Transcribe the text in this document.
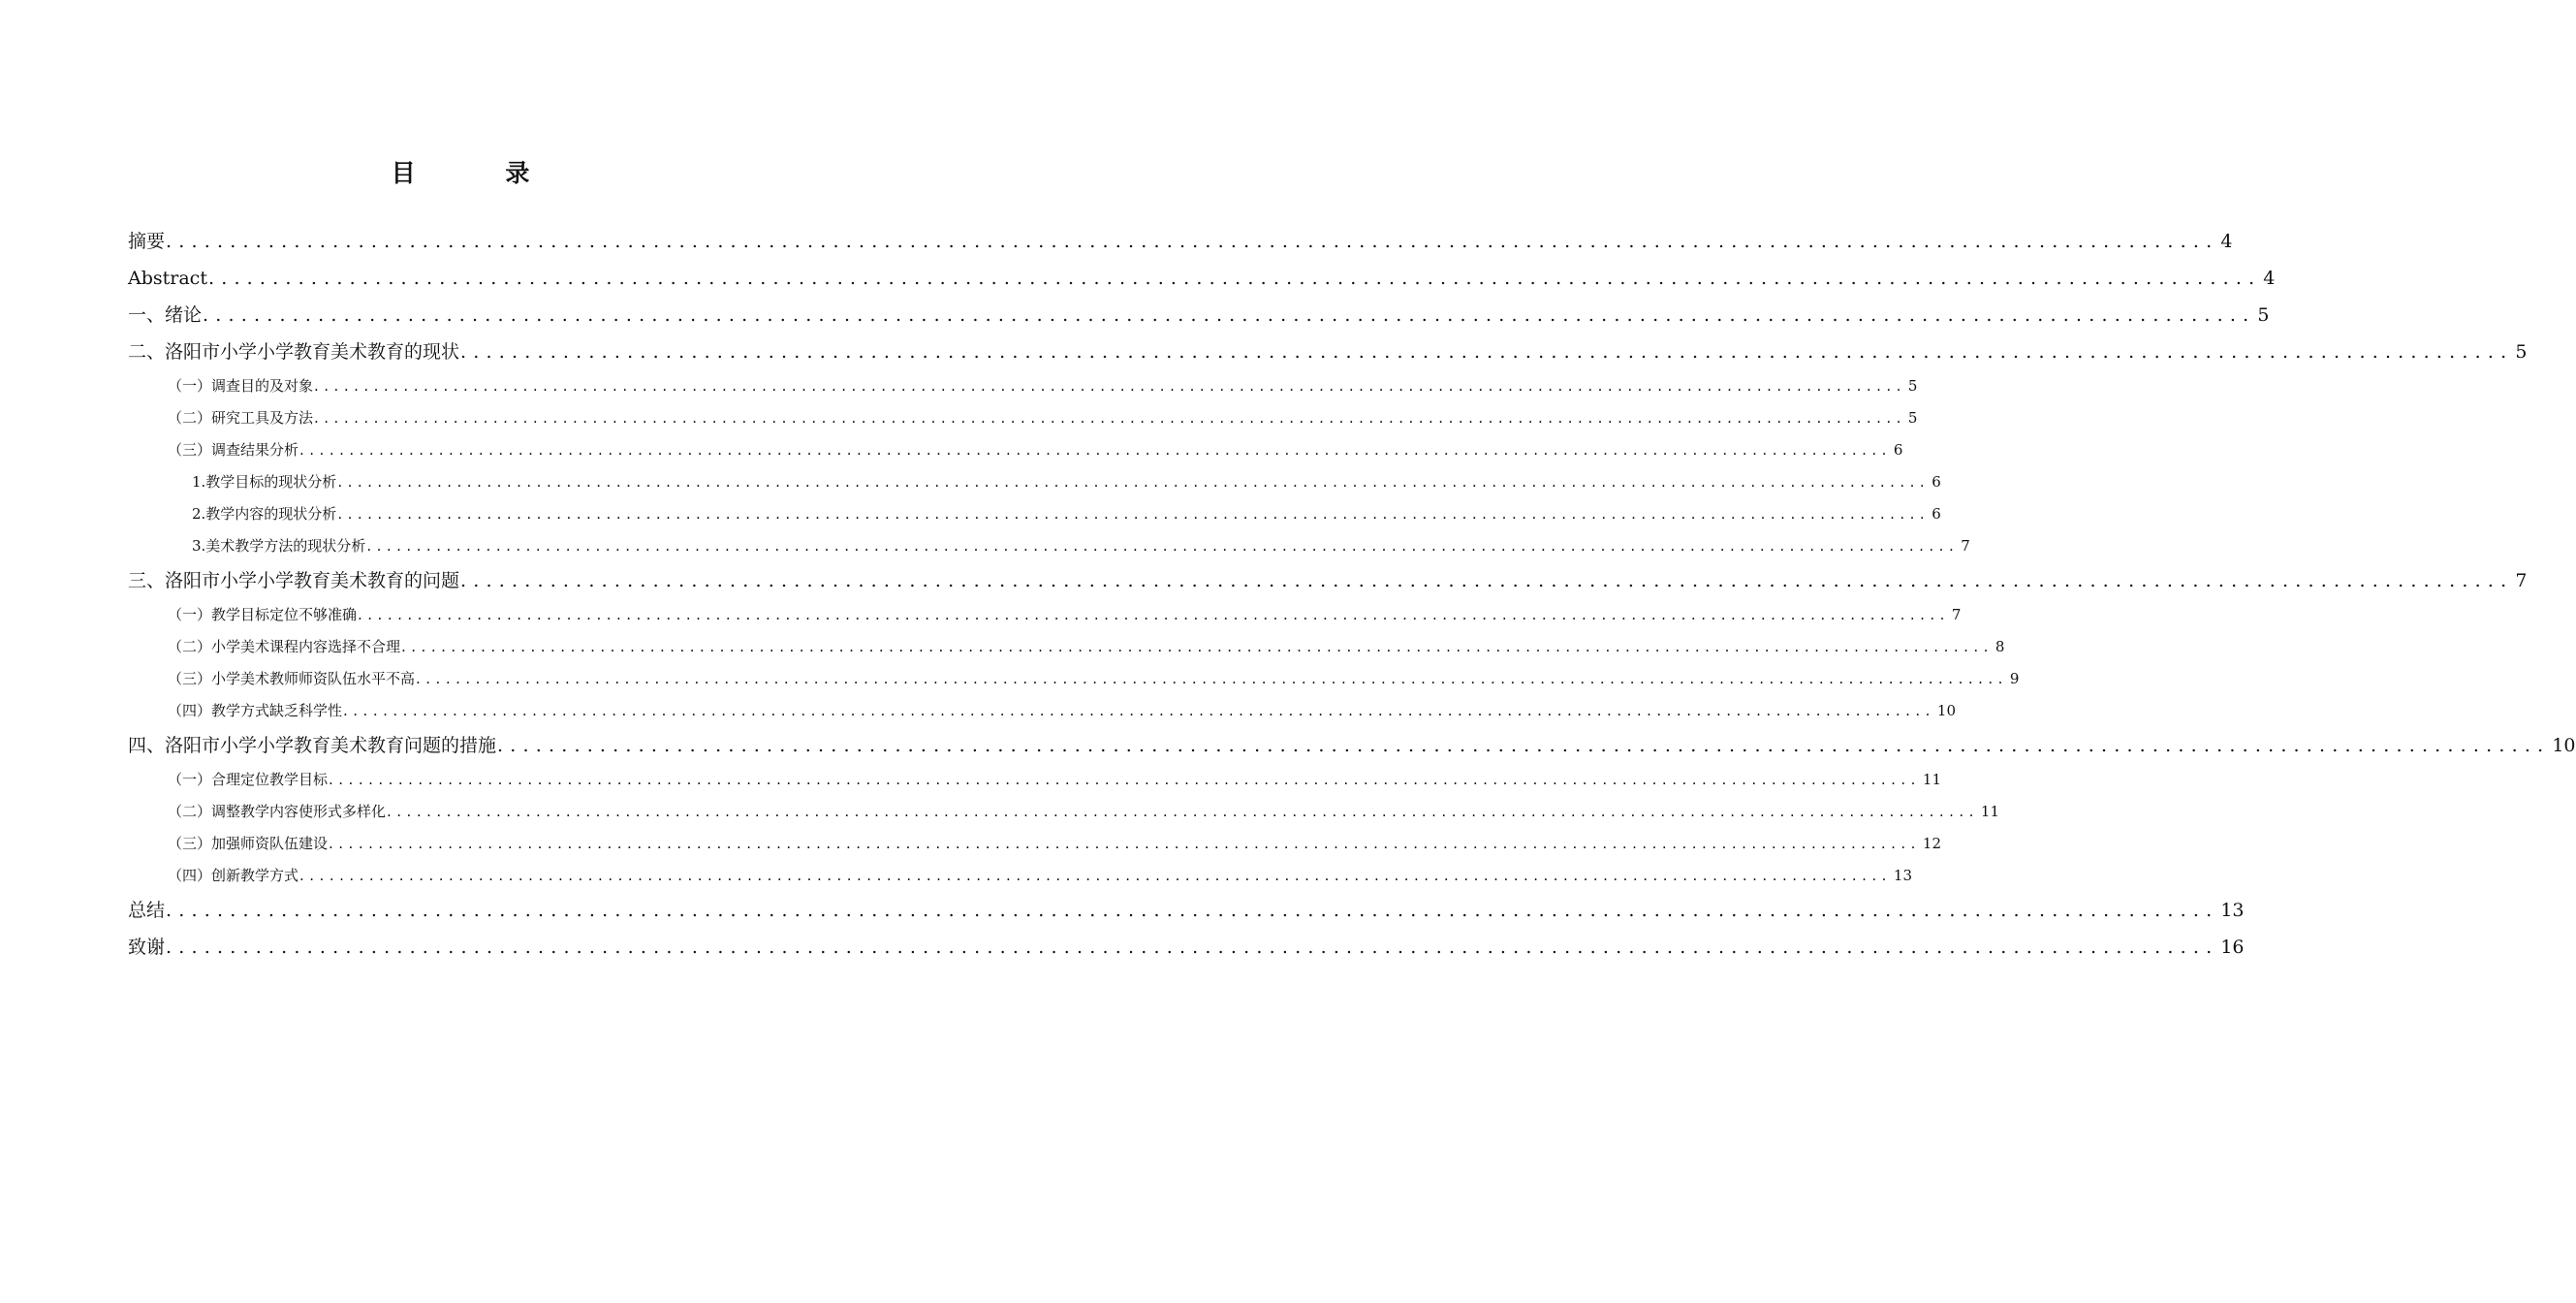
目 录
摘要 ................................................................................................................................................................ 4
Abstract ................................................................................................................................................................ 4
一、绪论 ................................................................................................................................................................ 5
二、洛阳市小学小学教育美术教育的现状 ................................................................................................................................................................ 5
（一）调查目的及对象 ................................................................................................................................................................ 5
（二）研究工具及方法 ................................................................................................................................................................ 5
（三）调查结果分析 ................................................................................................................................................................ 6
1.教学目标的现状分析 ................................................................................................................................................................ 6
2.教学内容的现状分析 ................................................................................................................................................................ 6
3.美术教学方法的现状分析 ................................................................................................................................................................ 7
三、洛阳市小学小学教育美术教育的问题 ................................................................................................................................................................ 7
（一）教学目标定位不够准确 ................................................................................................................................................................ 7
（二）小学美术课程内容选择不合理 ................................................................................................................................................................ 8
（三）小学美术教师师资队伍水平不高 ................................................................................................................................................................ 9
（四）教学方式缺乏科学性 ................................................................................................................................................................ 10
四、洛阳市小学小学教育美术教育问题的措施 ................................................................................................................................................................ 10
（一）合理定位教学目标 ................................................................................................................................................................ 11
（二）调整教学内容使形式多样化 ................................................................................................................................................................ 11
（三）加强师资队伍建设 ................................................................................................................................................................ 12
（四）创新教学方式 ................................................................................................................................................................ 13
总结 ................................................................................................................................................................ 13
致谢 ................................................................................................................................................................ 16
